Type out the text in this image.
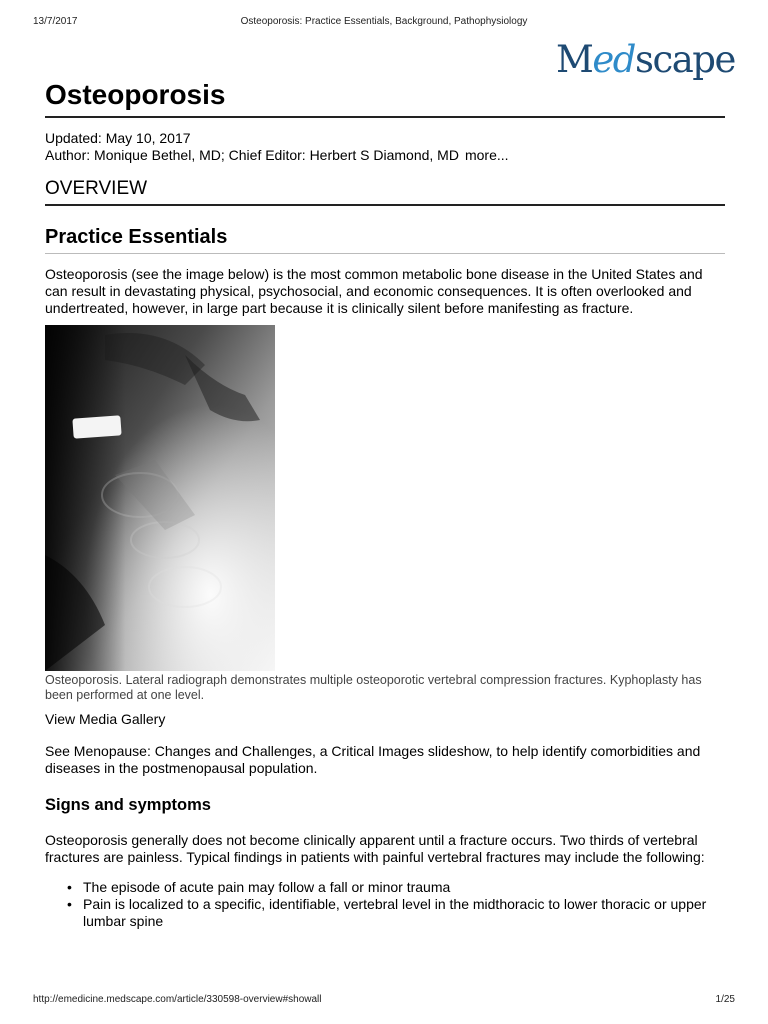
13/7/2017	Osteoporosis: Practice Essentials, Background, Pathophysiology
Medscape
Osteoporosis
Updated: May 10, 2017
Author: Monique Bethel, MD; Chief Editor: Herbert S Diamond, MD more...
OVERVIEW
Practice Essentials

Osteoporosis (see the image below) is the most common metabolic bone disease in the United States and can result in devastating physical, psychosocial, and economic consequences. It is often overlooked and undertreated, however, in large part because it is clinically silent before manifesting as fracture.

Osteoporosis. Lateral radiograph demonstrates multiple osteoporotic vertebral compression fractures. Kyphoplasty has been performed at one level.
View Media Gallery

See Menopause: Changes and Challenges, a Critical Images slideshow, to help identify comorbidities and diseases in the postmenopausal population.

Signs and symptoms

Osteoporosis generally does not become clinically apparent until a fracture occurs. Two thirds of vertebral fractures are painless. Typical findings in patients with painful vertebral fractures may include the following:

• The episode of acute pain may follow a fall or minor trauma
• Pain is localized to a specific, identifiable, vertebral level in the midthoracic to lower thoracic or upper lumbar spine
http://emedicine.medscape.com/article/330598-overview#showall	1/25
